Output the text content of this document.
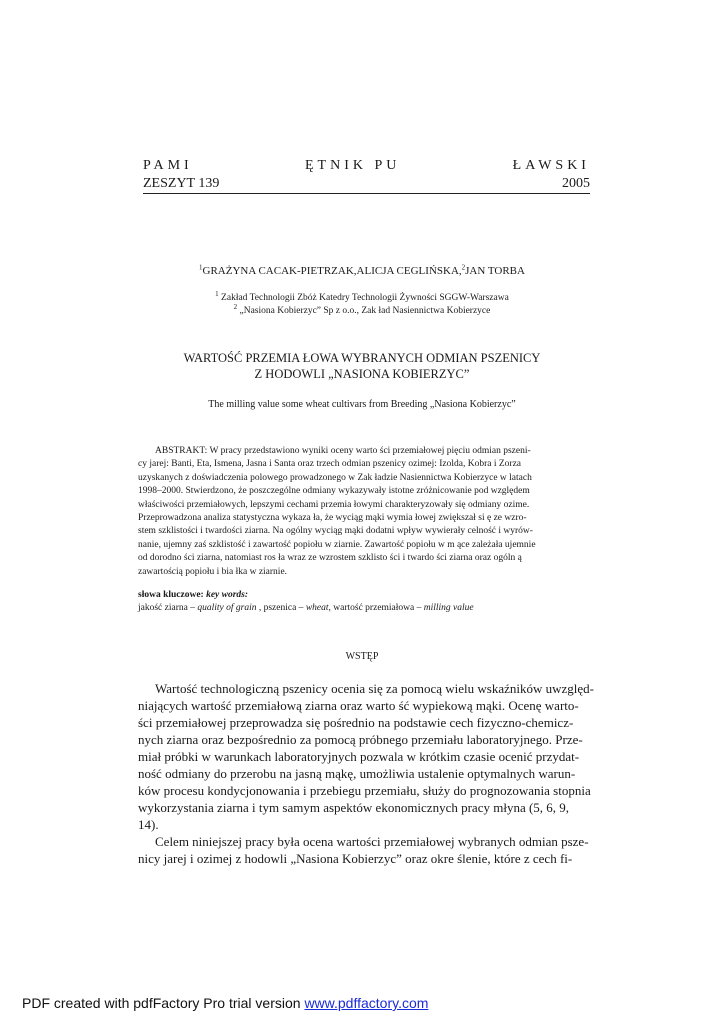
PAMI	ĘTNIK PU	ŁAWSKI
ZESZYT 139	2005
$^1$GRAŻYNA CACAK-PIETRZAK,ALICJA CEGLIŃSKA,$^2$JAN TORBA
$^1$ Zakład Technologii Zbóż Katedry Technologii Żywności SGGW-Warszawa
$^2$ „Nasiona Kobierzyc” Sp z o.o., Zak ład Nasiennictwa Kobierzyce
WARTOŚĆ PRZEMIA ŁOWA WYBRANYCH ODMIAN PSZENICY
Z HODOWLI „NASIONA KOBIERZYC”
The milling value some wheat cultivars from Breeding „Nasiona Kobierzyc”
ABSTRAKT: W pracy przedstawiono wyniki oceny warto ści przemiałowej pięciu odmian pszeni-
cy jarej: Banti, Eta, Ismena, Jasna i Santa oraz trzech odmian pszenicy ozimej: Izolda, Kobra i Zorza
uzyskanych z doświadczenia polowego prowadzonego w Zak ładzie Nasiennictwa Kobierzyce w latach
1998–2000. Stwierdzono, że poszczególne odmiany wykazywały istotne zróżnicowanie pod względem
właściwości przemiałowych, lepszymi cechami przemia łowymi charakteryzowały się odmiany ozime.
Przeprowadzona analiza statystyczna wykaza ła, że wyciąg mąki wymia łowej zwiększał si ę ze wzro-
stem szklistości i twardości ziarna. Na ogólny wyciąg mąki dodatni wpływ wywierały celność i wyrów-
nanie, ujemny zaś szklistość i zawartość popiołu w ziarnie. Zawartość popiołu w m ące zależała ujemnie
od dorodno ści ziarna, natomiast ros ła wraz ze wzrostem szklisto ści i twardo ści ziarna oraz ogóln ą
zawartością popiołu i bia łka w ziarnie.
słowa kluczowe: key words:
jakość ziarna – quality of grain , pszenica – wheat, wartość przemiałowa – milling value
WSTĘP
Wartość technologiczną pszenicy ocenia się za pomocą wielu wskaźników uwzględ-
niających wartość przemiałową ziarna oraz warto ść wypiekową mąki. Ocenę warto-
ści przemiałowej przeprowadza się pośrednio na podstawie cech fizyczno-chemicz-
nych ziarna oraz bezpośrednio za pomocą próbnego przemiału laboratoryjnego. Prze-
miał próbki w warunkach laboratoryjnych pozwala w krótkim czasie ocenić przydat-
ność odmiany do przerobu na jasną mąkę, umożliwia ustalenie optymalnych warun-
ków procesu kondycjonowania i przebiegu przemiału, służy do prognozowania stopnia
wykorzystania ziarna i tym samym aspektów ekonomicznych pracy młyna (5, 6, 9,
14).
Celem niniejszej pracy była ocena wartości przemiałowej wybranych odmian psze-
nicy jarej i ozimej z hodowli „Nasiona Kobierzyc” oraz okre ślenie, które z cech fi-
PDF created with pdfFactory Pro trial version www.pdffactory.com
